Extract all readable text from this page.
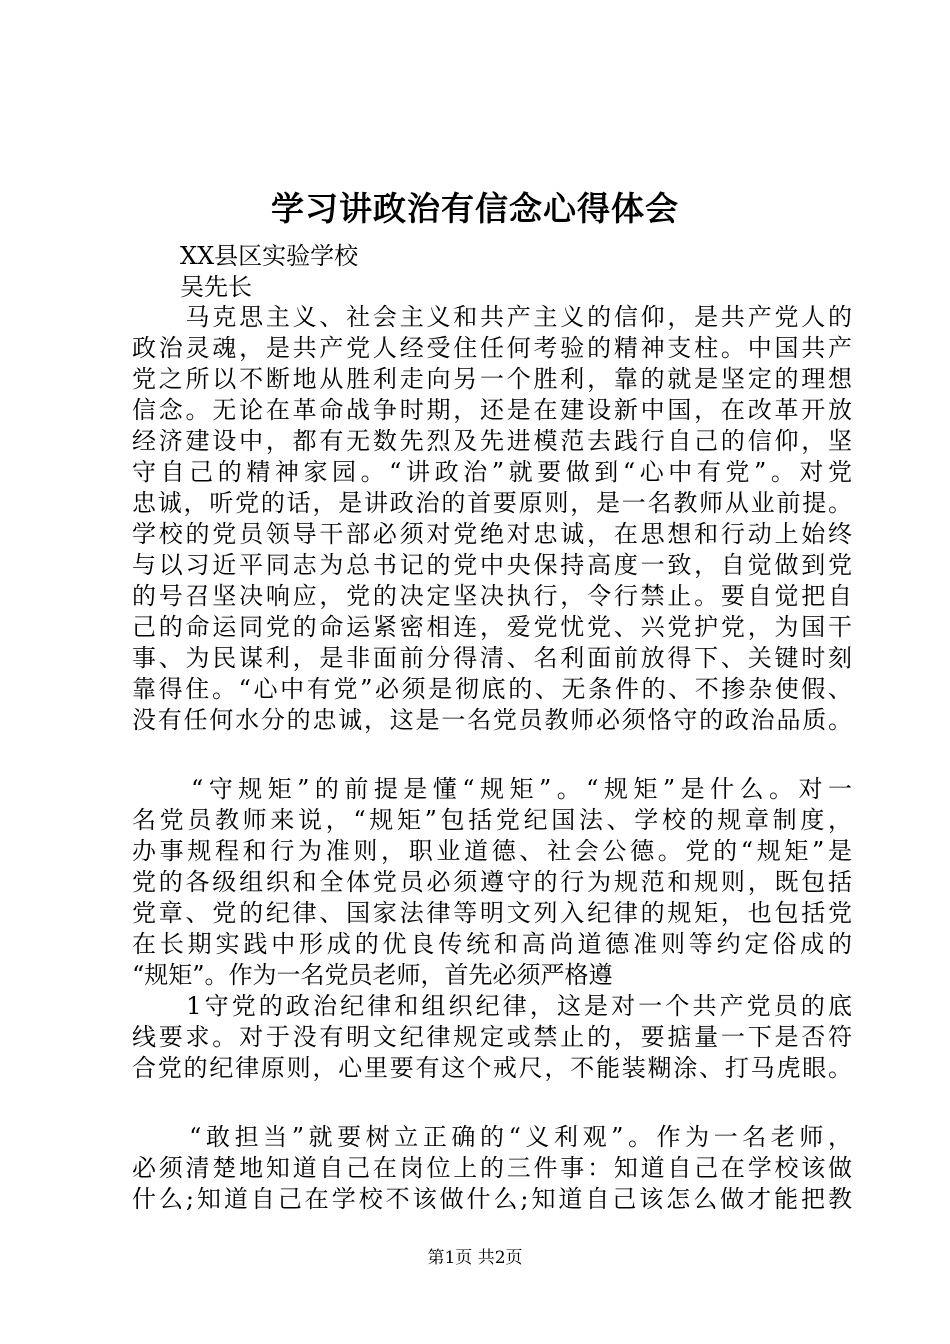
学习讲政治有信念心得体会

XX县区实验学校

吴先长

　　马克思主义、社会主义和共产主义的信仰，是共产党人的

政治灵魂，是共产党人经受住任何考验的精神支柱。中国共产

党之所以不断地从胜利走向另一个胜利，靠的就是坚定的理想

信念。无论在革命战争时期，还是在建设新中国，在改革开放

经济建设中，都有无数先烈及先进模范去践行自己的信仰，坚

守自己的精神家园。“讲政治”就要做到“心中有党”。对党

忠诚，听党的话，是讲政治的首要原则，是一名教师从业前提。

学校的党员领导干部必须对党绝对忠诚，在思想和行动上始终

与以习近平同志为总书记的党中央保持高度一致，自觉做到党

的号召坚决响应，党的决定坚决执行，令行禁止。要自觉把自

己的命运同党的命运紧密相连，爱党忧党、兴党护党，为国干

事、为民谋利，是非面前分得清、名利面前放得下、关键时刻

靠得住。“心中有党”必须是彻底的、无条件的、不掺杂使假、

没有任何水分的忠诚，这是一名党员教师必须恪守的政治品质。

　　“守规矩”的前提是懂“规矩”。“规矩”是什么。对一

名党员教师来说，“规矩”包括党纪国法、学校的规章制度，

办事规程和行为准则，职业道德、社会公德。党的“规矩”是

党的各级组织和全体党员必须遵守的行为规范和规则，既包括

党章、党的纪律、国家法律等明文列入纪律的规矩，也包括党

在长期实践中形成的优良传统和高尚道德准则等约定俗成的

“规矩”。作为一名党员老师，首先必须严格遵

　　1守党的政治纪律和组织纪律，这是对一个共产党员的底

线要求。对于没有明文纪律规定或禁止的，要掂量一下是否符

合党的纪律原则，心里要有这个戒尺，不能装糊涂、打马虎眼。

　　“敢担当”就要树立正确的“义利观”。作为一名老师，

必须清楚地知道自己在岗位上的三件事：知道自己在学校该做

什么;知道自己在学校不该做什么;知道自己该怎么做才能把教

第1页 共2页
